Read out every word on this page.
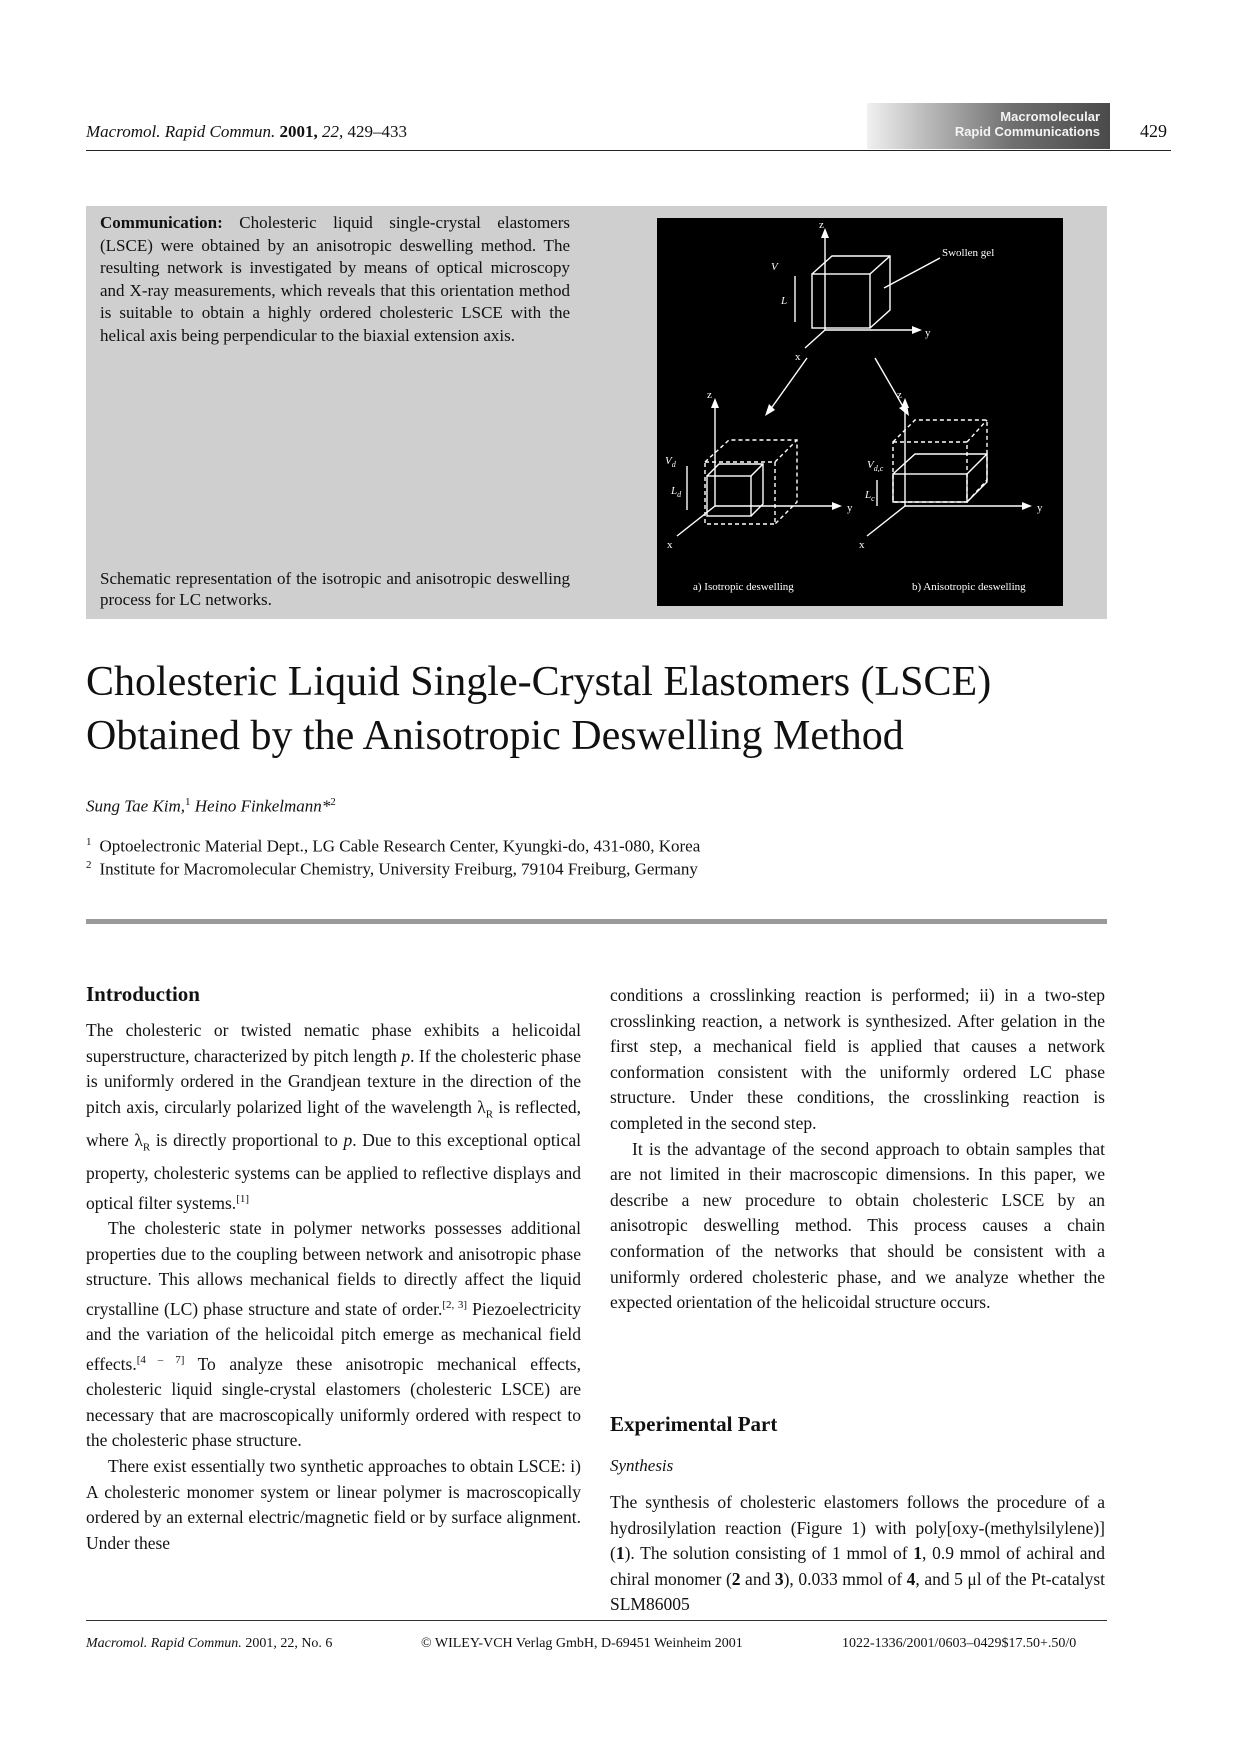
Macromol. Rapid Commun. 2001, 22, 429–433
Macromolecular
Rapid Communications 429
Communication: Cholesteric liquid single-crystal elastomers (LSCE) were obtained by an anisotropic deswelling method. The resulting network is investigated by means of optical microscopy and X-ray measurements, which reveals that this orientation method is suitable to obtain a highly ordered cholesteric LSCE with the helical axis being perpendicular to the biaxial extension axis.
Schematic representation of the isotropic and anisotropic deswelling process for LC networks.
z
y
x
V
L
Swollen gel
z
y
x
$V_d$
$L_d$
z
y
x
$V_{d,c}$
$L_c$
a) Isotropic deswelling	b) Anisotropic deswelling
Cholesteric Liquid Single-Crystal Elastomers (LSCE)
Obtained by the Anisotropic Deswelling Method
Sung Tae Kim,$^1$ Heino Finkelmann*$^2$
$^1$ Optoelectronic Material Dept., LG Cable Research Center, Kyungki-do, 431-080, Korea
$^2$ Institute for Macromolecular Chemistry, University Freiburg, 79104 Freiburg, Germany
Introduction

The cholesteric or twisted nematic phase exhibits a helicoidal superstructure, characterized by pitch length p. If the cholesteric phase is uniformly ordered in the Grandjean texture in the direction of the pitch axis, circularly polarized light of the wavelength $\lambda_R$ is reflected, where $\lambda_R$ is directly proportional to p. Due to this exceptional optical property, cholesteric systems can be applied to reflective displays and optical filter systems.[1]

The cholesteric state in polymer networks possesses additional properties due to the coupling between network and anisotropic phase structure. This allows mechanical fields to directly affect the liquid crystalline (LC) phase structure and state of order.[2, 3] Piezoelectricity and the variation of the helicoidal pitch emerge as mechanical field effects.[4 – 7] To analyze these anisotropic mechanical effects, cholesteric liquid single-crystal elastomers (cholesteric LSCE) are necessary that are macroscopically uniformly ordered with respect to the cholesteric phase structure.

There exist essentially two synthetic approaches to obtain LSCE: i) A cholesteric monomer system or linear polymer is macroscopically ordered by an external electric/magnetic field or by surface alignment. Under these

conditions a crosslinking reaction is performed; ii) in a two-step crosslinking reaction, a network is synthesized. After gelation in the first step, a mechanical field is applied that causes a network conformation consistent with the uniformly ordered LC phase structure. Under these conditions, the crosslinking reaction is completed in the second step.

It is the advantage of the second approach to obtain samples that are not limited in their macroscopic dimensions. In this paper, we describe a new procedure to obtain cholesteric LSCE by an anisotropic deswelling method. This process causes a chain conformation of the networks that should be consistent with a uniformly ordered cholesteric phase, and we analyze whether the expected orientation of the helicoidal structure occurs.

Experimental Part
Synthesis

The synthesis of cholesteric elastomers follows the procedure of a hydrosilylation reaction (Figure 1) with poly[oxy-(methylsilylene)] (1). The solution consisting of 1 mmol of 1, 0.9 mmol of achiral and chiral monomer (2 and 3), 0.033 mmol of 4, and 5 μl of the Pt-catalyst SLM86005

Macromol. Rapid Commun. 2001, 22, No. 6	© WILEY-VCH Verlag GmbH, D-69451 Weinheim 2001	1022-1336/2001/0603–0429$17.50+.50/0
